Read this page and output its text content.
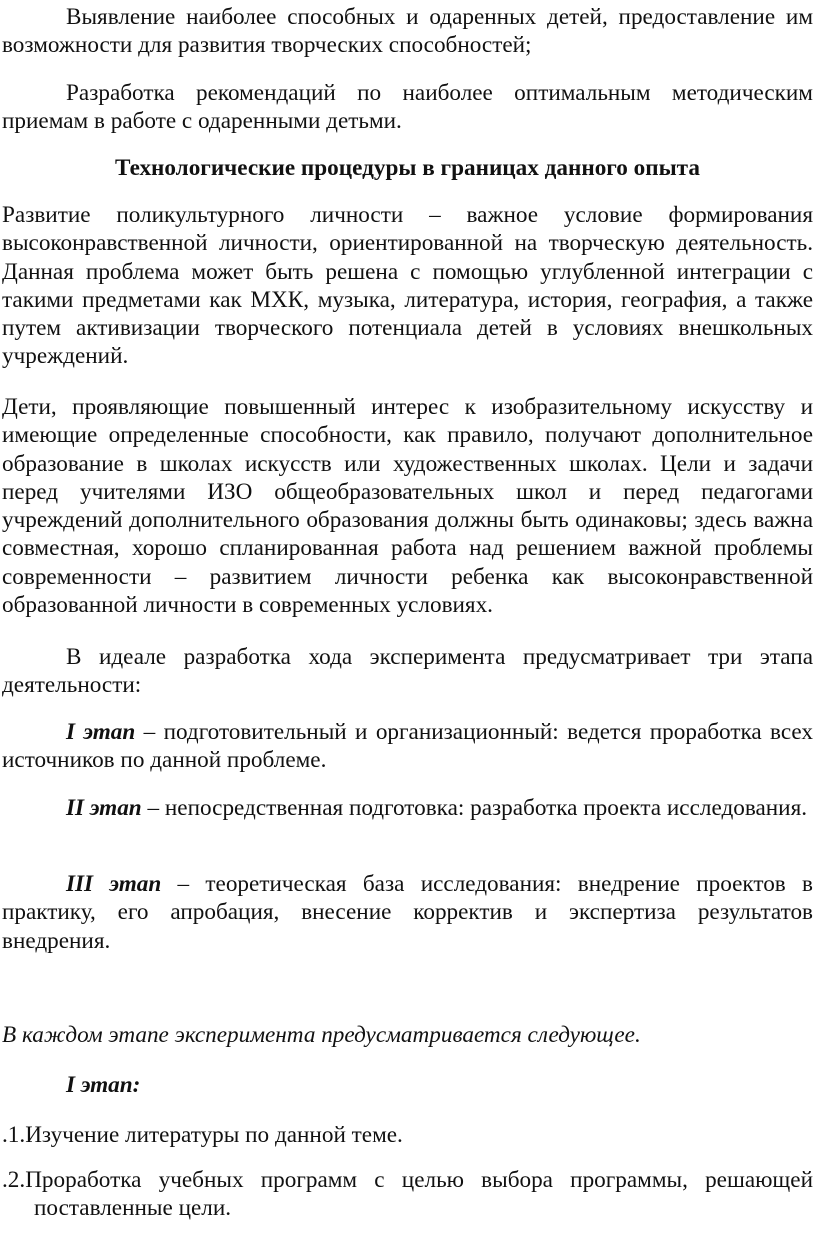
Выявление наиболее способных и одаренных детей, предоставление им возможности для развития творческих способностей;

Разработка рекомендаций по наиболее оптимальным методическим приемам в работе с одаренными детьми.

Технологические процедуры в границах данного опыта

Развитие поликультурного личности – важное условие формирования высоконравственной личности, ориентированной на творческую деятельность. Данная проблема может быть решена с помощью углубленной интеграции с такими предметами как МХК, музыка, литература, история, география, а также путем активизации творческого потенциала детей в условиях внешкольных учреждений.

Дети, проявляющие повышенный интерес к изобразительному искусству и имеющие определенные способности, как правило, получают дополнительное образование в школах искусств или художественных школах. Цели и задачи перед учителями ИЗО общеобразовательных школ и перед педагогами учреждений дополнительного образования должны быть одинаковы; здесь важна совместная, хорошо спланированная работа над решением важной проблемы современности – развитием личности ребенка как высоконравственной образованной личности в современных условиях.

В идеале разработка хода эксперимента предусматривает три этапа деятельности:

I этап – подготовительный и организационный: ведется проработка всех источников по данной проблеме.

II этап – непосредственная подготовка: разработка проекта исследования.

III этап – теоретическая база исследования: внедрение проектов в практику, его апробация, внесение корректив и экспертиза результатов внедрения.

В каждом этапе эксперимента предусматривается следующее.

I этап:

.1.Изучение литературы по данной теме.

.2.Проработка учебных программ с целью выбора программы, решающей поставленные цели.
